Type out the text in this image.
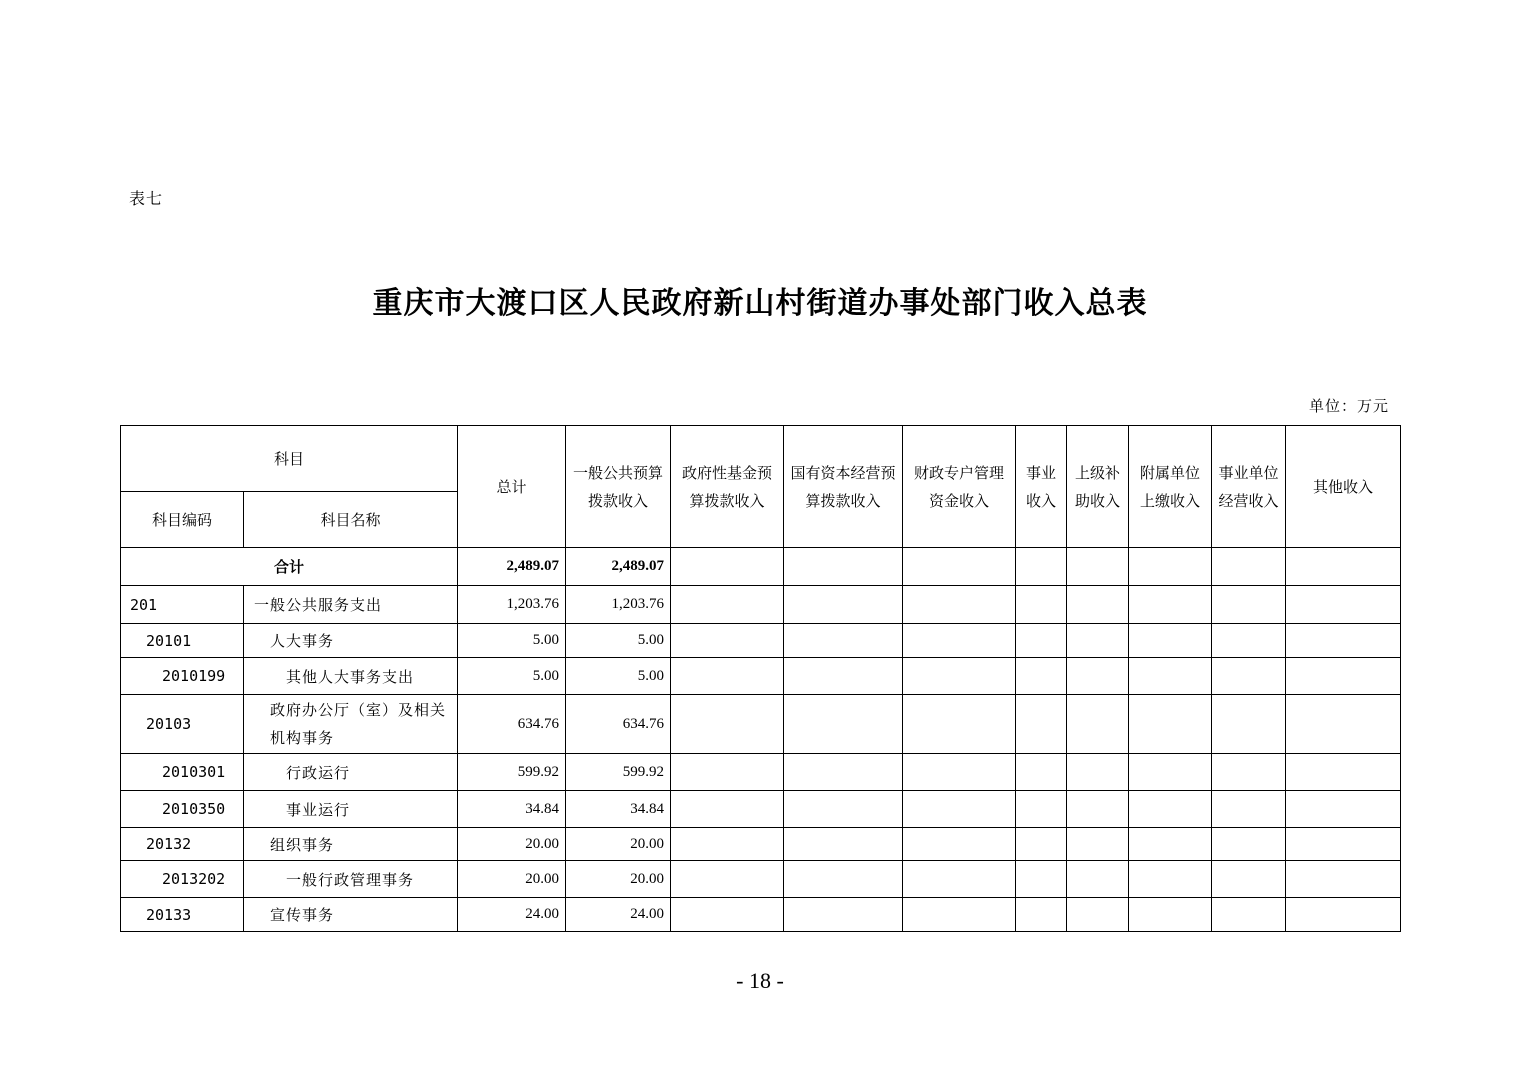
表七
重庆市大渡口区人民政府新山村街道办事处部门收入总表
单位：万元
科目		总计	一般公共预算拨款收入	政府性基金预算拨款收入	国有资本经营预算拨款收入	财政专户管理资金收入	事业收入	上级补助收入	附属单位上缴收入	事业单位经营收入	其他收入
科目编码	科目名称										
合计		2,489.07	2,489.07								
201	一般公共服务支出	1,203.76	1,203.76								
20101	人大事务	5.00	5.00								
2010199	其他人大事务支出	5.00	5.00								
20103	政府办公厅（室）及相关机构事务	634.76	634.76								
2010301	行政运行	599.92	599.92								
2010350	事业运行	34.84	34.84								
20132	组织事务	20.00	20.00								
2013202	一般行政管理事务	20.00	20.00								
20133	宣传事务	24.00	24.00								
- 18 -
